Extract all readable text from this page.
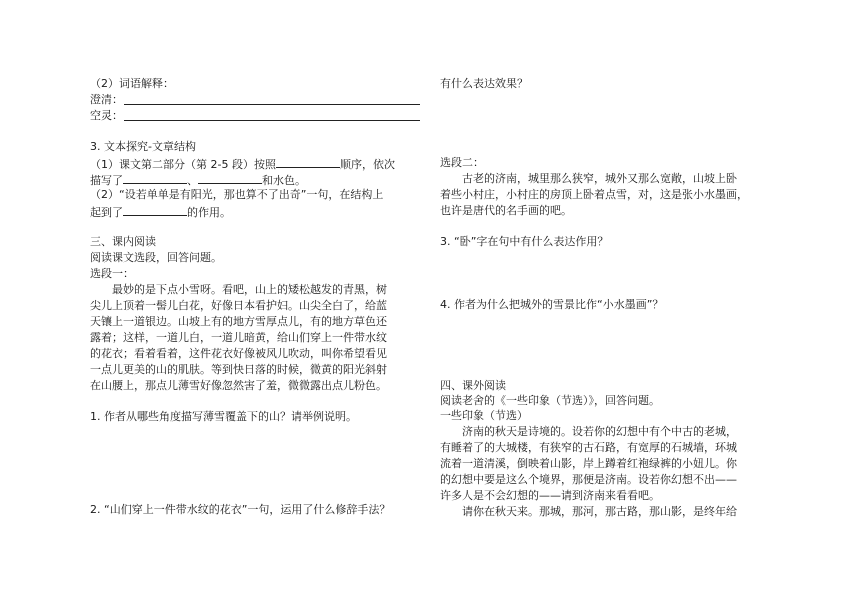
（2）词语解释：
澄清：
空灵：
3. 文本探究-文章结构
（1）课文第二部分（第 2-5 段）按照	顺序，依次
描写了	、	和水色。
（2）“设若单单是有阳光，那也算不了出奇”一句，在结构上
起到了	的作用。
三、课内阅读
阅读课文选段，回答问题。
选段一：
最妙的是下点小雪呀。看吧，山上的矮松越发的青黑，树
尖儿上顶着一髻儿白花，好像日本看护妇。山尖全白了，给蓝
天镶上一道银边。山坡上有的地方雪厚点儿，有的地方草色还
露着；这样，一道儿白，一道儿暗黄，给山们穿上一件带水纹
的花衣；看着看着，这件花衣好像被风儿吹动，叫你希望看见
一点儿更美的山的肌肤。等到快日落的时候，微黄的阳光斜射
在山腰上，那点儿薄雪好像忽然害了羞，微微露出点儿粉色。
1. 作者从哪些角度描写薄雪覆盖下的山？请举例说明。
2. “山们穿上一件带水纹的花衣”一句，运用了什么修辞手法？
有什么表达效果？
选段二：
古老的济南，城里那么狭窄，城外又那么宽敞，山坡上卧
着些小村庄，小村庄的房顶上卧着点雪，对，这是张小水墨画，
也许是唐代的名手画的吧。
3. “卧”字在句中有什么表达作用？
4. 作者为什么把城外的雪景比作“小水墨画”？
四、课外阅读
阅读老舍的《一些印象（节选）》，回答问题。
一些印象（节选）
济南的秋天是诗境的。设若你的幻想中有个中古的老城，
有睡着了的大城楼，有狭窄的古石路，有宽厚的石城墙，环城
流着一道清溪，倒映着山影，岸上蹲着红袍绿裤的小妞儿。你
的幻想中要是这么个境界，那便是济南。设若你幻想不出——
许多人是不会幻想的——请到济南来看看吧。
请你在秋天来。那城，那河，那古路，那山影，是终年给
